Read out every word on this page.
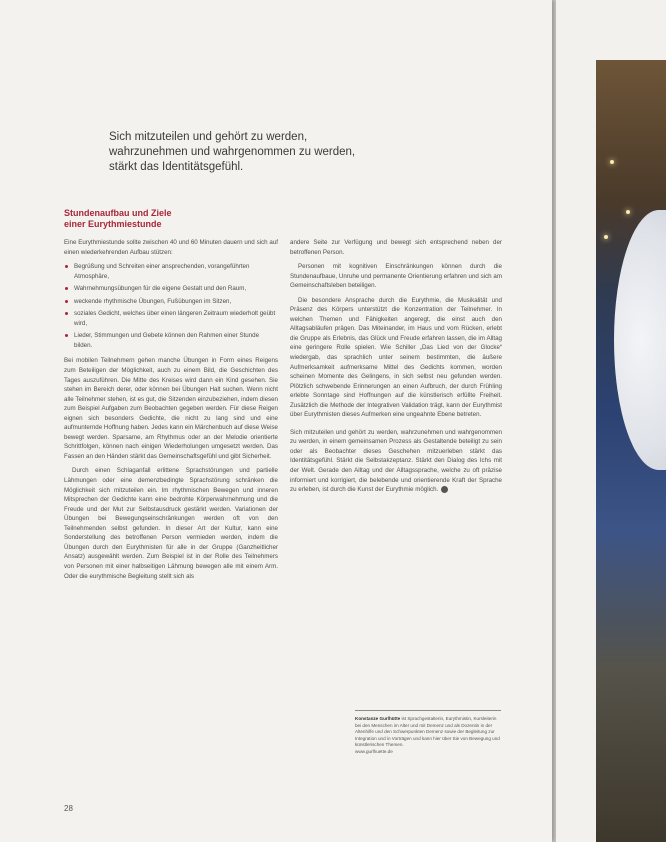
Sich mitzuteilen und gehört zu werden,
wahrzunehmen und wahrgenommen zu werden,
stärkt das Identitätsgefühl.
Stundenaufbau und Ziele
einer Eurythmiestunde

Eine Eurythmiestunde sollte zwischen 40 und 60 Minuten dauern und sich auf einen wiederkehrenden Aufbau stützen:

Begrüßung und Schreiten einer ansprechenden, vorangeführten Atmosphäre,
Wahrnehmungsübungen für die eigene Gestalt und den Raum,
weckende rhythmische Übungen, Fußübungen im Sitzen,
soziales Gedicht, welches über einen längeren Zeitraum wiederholt geübt wird,
Lieder, Stimmungen und Gebete können den Rahmen einer Stunde bilden.

Bei mobilen Teilnehmern gehen manche Übungen in Form eines Reigens zum Beteiligen der Möglichkeit, auch zu einem Bild, die Geschichten des Tages auszuführen. Die Mitte des Kreises wird dann ein Kind gesehen. Sie stehen im Bereich derer, oder können bei Übungen Halt suchen. Wenn nicht alle Teilnehmer stehen, ist es gut, die Sitzenden einzubeziehen, indem diesen zum Beispiel Aufgaben zum Beobachten gegeben werden. Für diese Reigen eignen sich besonders Gedichte, die nicht zu lang sind und eine aufmunternde Hoffnung haben. Jedes kann ein Märchenbuch auf diese Weise bewegt werden. Sparsame, am Rhythmus oder an der Melodie orientierte Schrittfolgen, können nach einigen Wiederholungen umgesetzt werden. Das Fassen an den Händen stärkt das Gemeinschaftsgefühl und gibt Sicherheit.

Durch einen Schlaganfall erlittene Sprachstörungen und partielle Lähmungen oder eine demenzbedingte Sprachstörung schränken die Möglichkeit sich mitzuteilen ein. Im rhythmischen Bewegen und inneren Mitsprechen der Gedichte kann eine bedrohte Körperwahrnehmung und die Freude und der Mut zur Selbstausdruck gestärkt werden. Variationen der Übungen bei Bewegungseinschränkungen werden oft von den Teilnehmenden selbst gefunden. In dieser Art der Kultur, kann eine Sonderstellung des betroffenen Person vermieden werden, indem die Übungen durch den Eurythmisten für alle in der Gruppe (Ganzheitlicher Ansatz) ausgewählt werden. Zum Beispiel ist in der Rolle des Teilnehmers von Personen mit einer halbseitigen Lähmung bewegen alle mit einem Arm. Oder die eurythmische Begleitung stellt sich als

andere Seite zur Verfügung und bewegt sich entsprechend neben der betroffenen Person.

Personen mit kognitiven Einschränkungen können durch die Stundenaufbaue, Unruhe und permanente Orientierung erfahren und sich am Gemeinschaftsleben beteiligen.

Die besondere Ansprache durch die Eurythmie, die Musikalität und Präsenz des Körpers unterstützt die Konzentration der Teilnehmer. In welchen Themen und Fähigkeiten angeregt, die einst auch den Alltagsabläufen prägen. Das Miteinander, im Haus und vom Rücken, erlebt die Gruppe als Erlebnis, das Glück und Freude erfahren lassen, die im Alltag eine geringere Rolle spielen. Wie Schiller „Das Lied von der Glocke“ wiedergab, das sprachlich unter seinem bestimmten, die äußere Aufmerksamkeit aufmerksame Mittel des Gedichts kommen, worden scheinen Momente des Gelingens, in sich selbst neu gefunden werden. Plötzlich schwebende Erinnerungen an einen Aufbruch, der durch Frühling erlebte Sonntage sind Hoffnungen auf die künstlerisch erfüllte Freiheit. Zusätzlich die Methode der Integrativen Validation trägt, kann der Eurythmist über Eurythmisten dieses Aufmerken eine ungeahnte Ebene betreten.

Sich mitzuteilen und gehört zu werden, wahrzunehmen und wahrgenommen zu werden, in einem gemeinsamen Prozess als Gestaltende beteiligt zu sein oder als Beobachter dieses Geschehen mitzuerleben stärkt das Identitätsgefühl. Stärkt die Selbstakzeptanz. Stärkt den Dialog des Ichs mit der Welt. Gerade den Alltag und der Alltagssprache, welche zu oft präzise informiert und korrigiert, die belebende und orientierende Kraft der Sprache zu erleben, ist durch die Kunst der Eurythmie möglich.

Konstanze Gurlhütte ist Sprachgestalterin, Eurythmistin, Kursleiterin bei den Menschen im Alter und mit Demenz und als Dozentin in der Altenhilfe und den Schwerpunkten Demenz sowie der Begleitung zur Integration und in Vorträgen und kann hier über Sie von Bewegung und künstlerischen Themen.
www.gurlhuette.de
28
